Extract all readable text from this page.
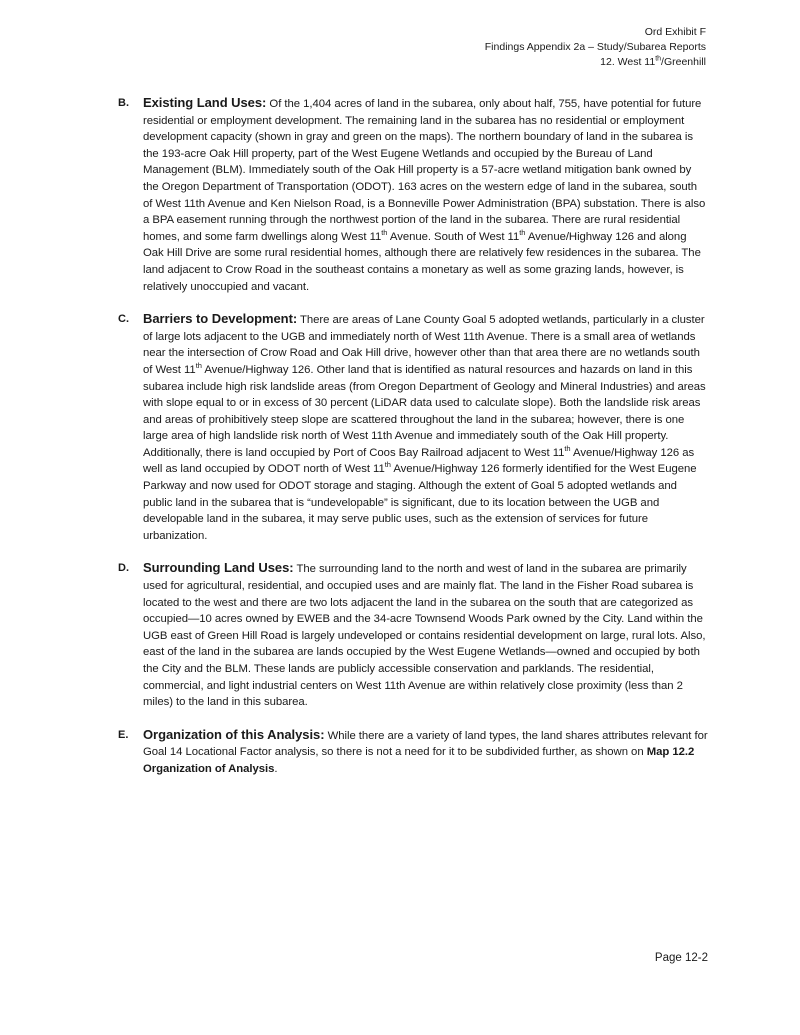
Ord Exhibit F
Findings Appendix 2a – Study/Subarea Reports
12. West 11th/Greenhill
B. Existing Land Uses: Of the 1,404 acres of land in the subarea, only about half, 755, have potential for future residential or employment development. The remaining land in the subarea has no residential or employment development capacity (shown in gray and green on the maps). The northern boundary of land in the subarea is the 193-acre Oak Hill property, part of the West Eugene Wetlands and occupied by the Bureau of Land Management (BLM). Immediately south of the Oak Hill property is a 57-acre wetland mitigation bank owned by the Oregon Department of Transportation (ODOT). 163 acres on the western edge of land in the subarea, south of West 11th Avenue and Ken Nielson Road, is a Bonneville Power Administration (BPA) substation. There is also a BPA easement running through the northwest portion of the land in the subarea. There are rural residential homes, and some farm dwellings along West 11th Avenue. South of West 11th Avenue/Highway 126 and along Oak Hill Drive are some rural residential homes, although there are relatively few residences in the subarea. The land adjacent to Crow Road in the southeast contains a monetary as well as some grazing lands, however, is relatively unoccupied and vacant.
C. Barriers to Development: There are areas of Lane County Goal 5 adopted wetlands, particularly in a cluster of large lots adjacent to the UGB and immediately north of West 11th Avenue. There is a small area of wetlands near the intersection of Crow Road and Oak Hill drive, however other than that area there are no wetlands south of West 11th Avenue/Highway 126. Other land that is identified as natural resources and hazards on land in this subarea include high risk landslide areas (from Oregon Department of Geology and Mineral Industries) and areas with slope equal to or in excess of 30 percent (LiDAR data used to calculate slope). Both the landslide risk areas and areas of prohibitively steep slope are scattered throughout the land in the subarea; however, there is one large area of high landslide risk north of West 11th Avenue and immediately south of the Oak Hill property. Additionally, there is land occupied by Port of Coos Bay Railroad adjacent to West 11th Avenue/Highway 126 as well as land occupied by ODOT north of West 11th Avenue/Highway 126 formerly identified for the West Eugene Parkway and now used for ODOT storage and staging. Although the extent of Goal 5 adopted wetlands and public land in the subarea that is “undevelopable” is significant, due to its location between the UGB and developable land in the subarea, it may serve public uses, such as the extension of services for future urbanization.
D. Surrounding Land Uses: The surrounding land to the north and west of land in the subarea are primarily used for agricultural, residential, and occupied uses and are mainly flat. The land in the Fisher Road subarea is located to the west and there are two lots adjacent the land in the subarea on the south that are categorized as occupied—10 acres owned by EWEB and the 34-acre Townsend Woods Park owned by the City. Land within the UGB east of Green Hill Road is largely undeveloped or contains residential development on large, rural lots. Also, east of the land in the subarea are lands occupied by the West Eugene Wetlands—owned and occupied by both the City and the BLM. These lands are publicly accessible conservation and parklands. The residential, commercial, and light industrial centers on West 11th Avenue are within relatively close proximity (less than 2 miles) to the land in this subarea.
E. Organization of this Analysis: While there are a variety of land types, the land shares attributes relevant for Goal 14 Locational Factor analysis, so there is not a need for it to be subdivided further, as shown on Map 12.2 Organization of Analysis.
Page 12-2
